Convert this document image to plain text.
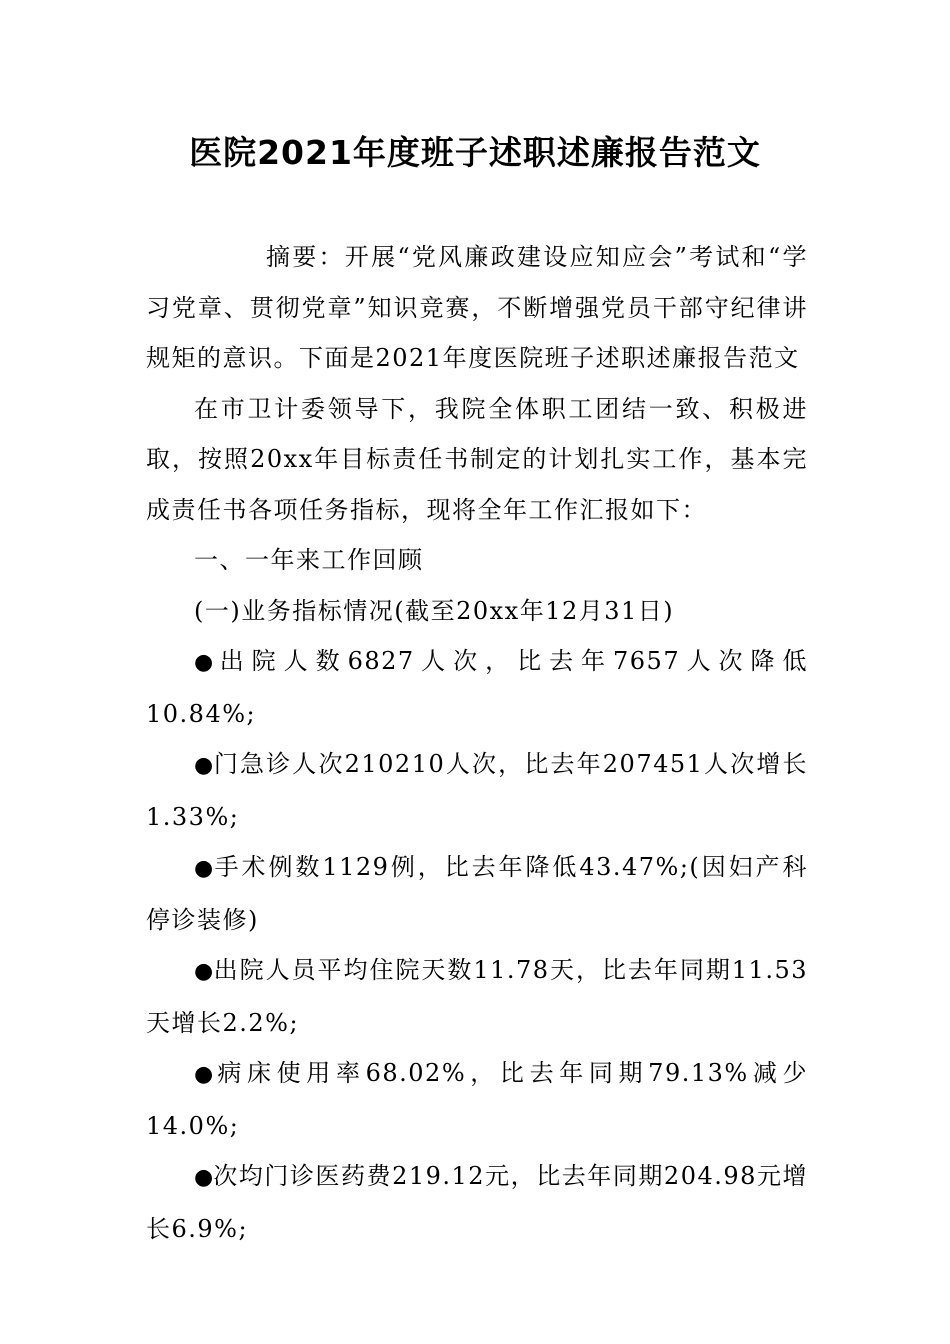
医院2021年度班子述职述廉报告范文

摘要：开展“党风廉政建设应知应会”考试和“学习党章、贯彻党章”知识竞赛，不断增强党员干部守纪律讲规矩的意识。下面是2021年度医院班子述职述廉报告范文

在市卫计委领导下，我院全体职工团结一致、积极进取，按照20xx年目标责任书制定的计划扎实工作，基本完成责任书各项任务指标，现将全年工作汇报如下：

一、一年来工作回顾

(一)业务指标情况(截至20xx年12月31日)

●出院人数6827人次，比去年7657人次降低10.84%;

●门急诊人次210210人次，比去年207451人次增长1.33%;

●手术例数1129例，比去年降低43.47%;(因妇产科停诊装修)

●出院人员平均住院天数11.78天，比去年同期11.53天增长2.2%;

●病床使用率68.02%，比去年同期79.13%减少14.0%;

●次均门诊医药费219.12元，比去年同期204.98元增长6.9%;
